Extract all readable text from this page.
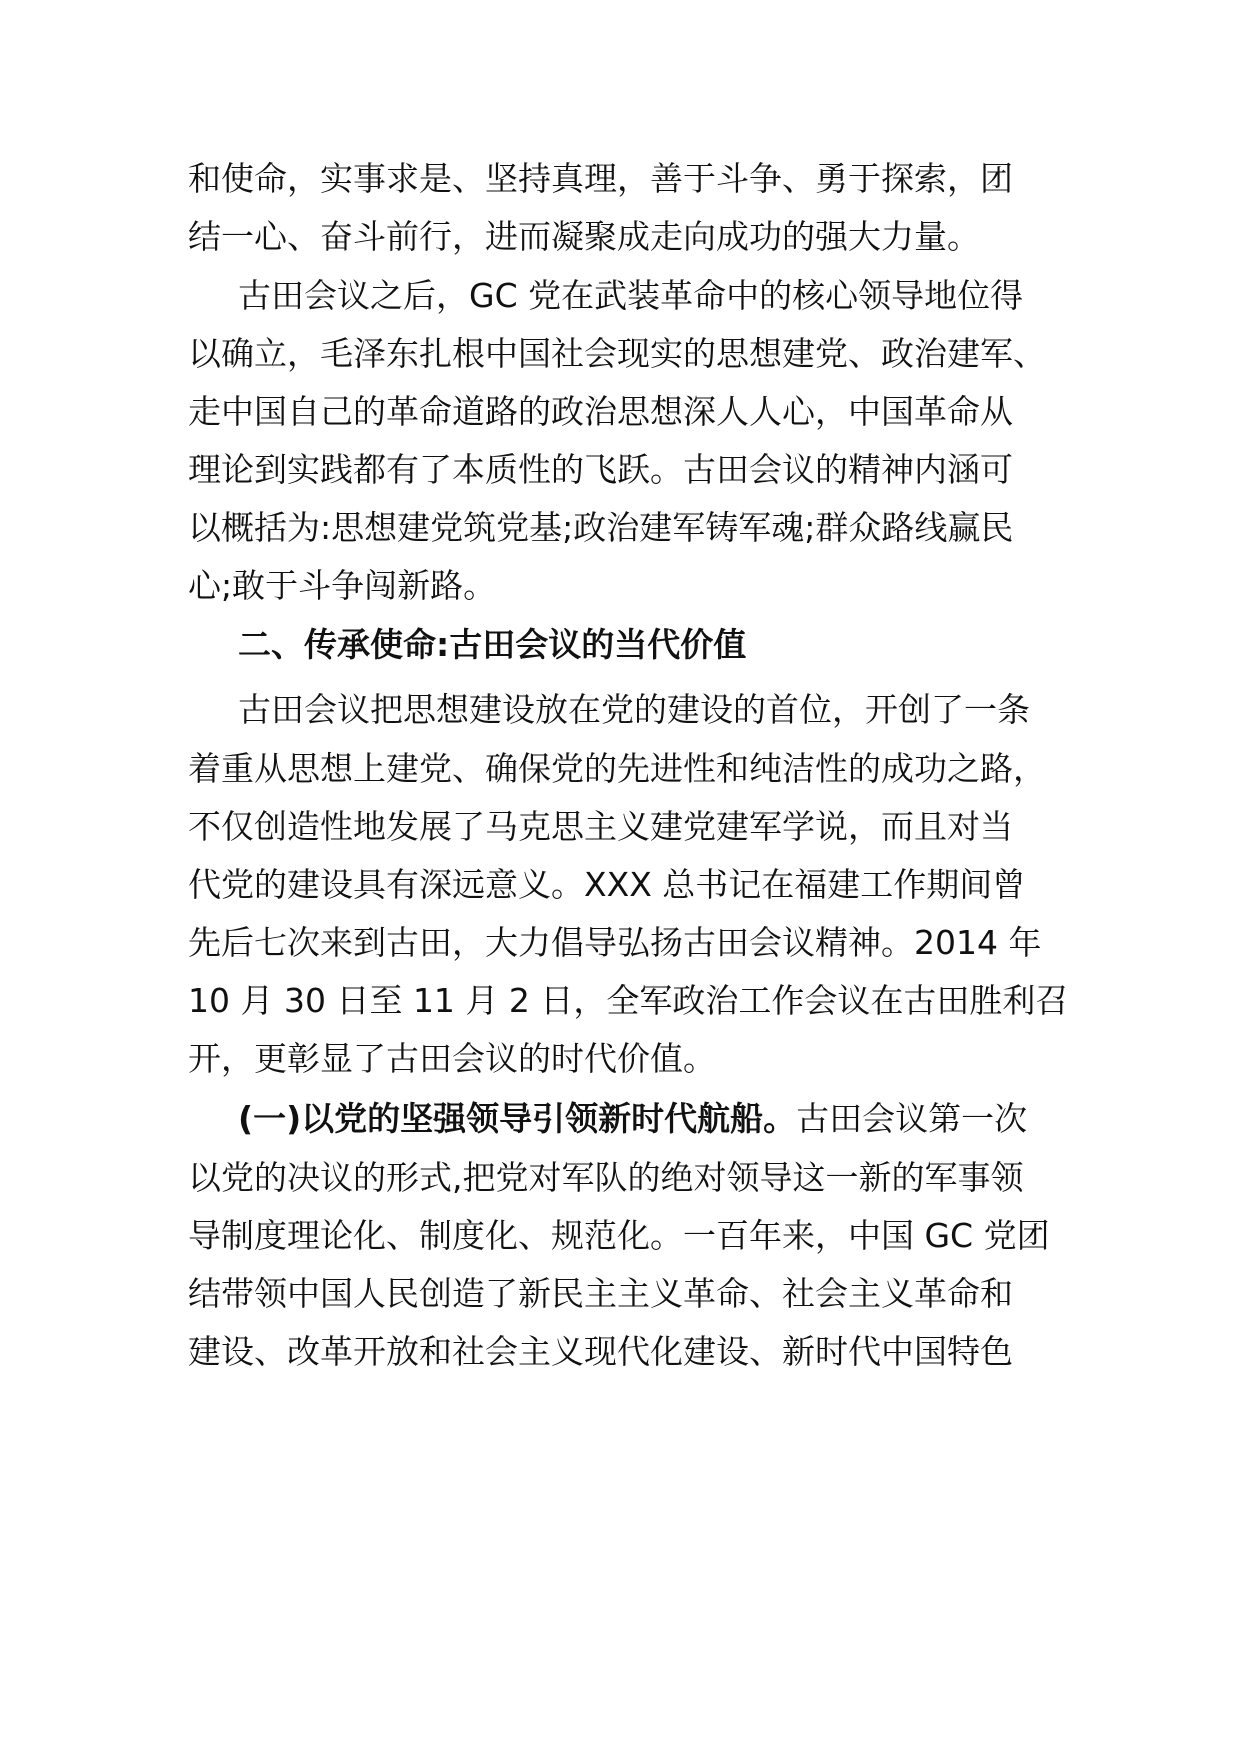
和使命，实事求是、坚持真理，善于斗争、勇于探索，团
结一心、奋斗前行，进而凝聚成走向成功的强大力量。
古田会议之后，GC 党在武装革命中的核心领导地位得
以确立，毛泽东扎根中国社会现实的思想建党、政治建军、
走中国自己的革命道路的政治思想深人人心，中国革命从
理论到实践都有了本质性的飞跃。古田会议的精神内涵可
以概括为:思想建党筑党基;政治建军铸军魂;群众路线赢民
心;敢于斗争闯新路。
二、传承使命:古田会议的当代价值
古田会议把思想建设放在党的建设的首位，开创了一条
着重从思想上建党、确保党的先进性和纯洁性的成功之路，
不仅创造性地发展了马克思主义建党建军学说，而且对当
代党的建设具有深远意义。XXX 总书记在福建工作期间曾
先后七次来到古田，大力倡导弘扬古田会议精神。2014 年
10 月 30 日至 11 月 2 日，全军政治工作会议在古田胜利召
开，更彰显了古田会议的时代价值。
(一)以党的坚强领导引领新时代航船。古田会议第一次
以党的决议的形式,把党对军队的绝对领导这一新的军事领
导制度理论化、制度化、规范化。一百年来，中国 GC 党团
结带领中国人民创造了新民主主义革命、社会主义革命和
建设、改革开放和社会主义现代化建设、新时代中国特色
